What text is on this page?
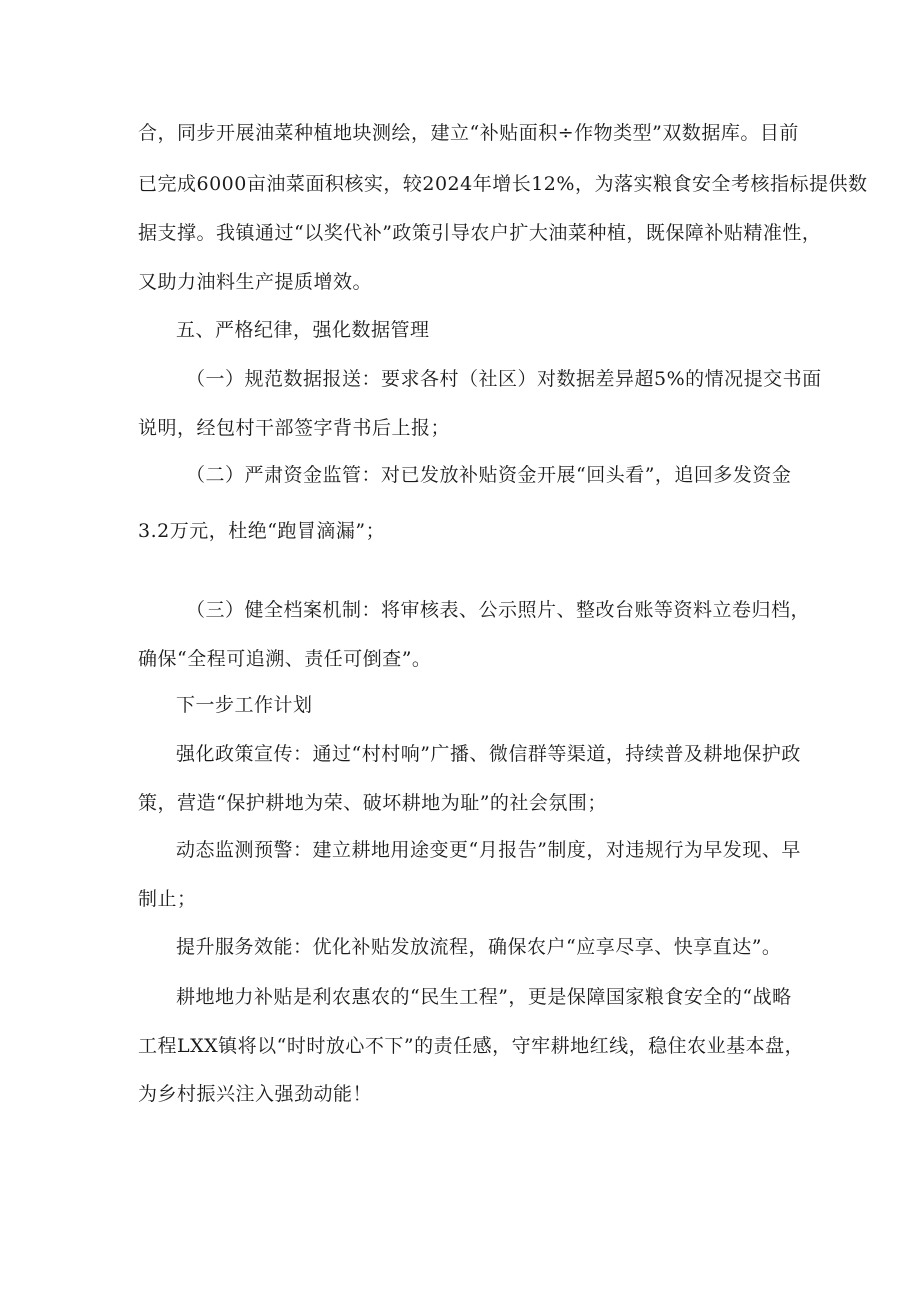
合，同步开展油菜种植地块测绘，建立“补贴面积÷作物类型”双数据库。目前
已完成6000亩油菜面积核实，较2024年增长12%，为落实粮食安全考核指标提供数
据支撑。我镇通过“以奖代补”政策引导农户扩大油菜种植，既保障补贴精准性，
又助力油料生产提质增效。
五、严格纪律，强化数据管理
（一）规范数据报送：要求各村（社区）对数据差异超5%的情况提交书面
说明，经包村干部签字背书后上报；
（二）严肃资金监管：对已发放补贴资金开展“回头看”，追回多发资金
3.2万元，杜绝“跑冒滴漏”；
（三）健全档案机制：将审核表、公示照片、整改台账等资料立卷归档，
确保“全程可追溯、责任可倒查”。
下一步工作计划
强化政策宣传：通过“村村响”广播、微信群等渠道，持续普及耕地保护政
策，营造“保护耕地为荣、破坏耕地为耻”的社会氛围；
动态监测预警：建立耕地用途变更“月报告”制度，对违规行为早发现、早
制止；
提升服务效能：优化补贴发放流程，确保农户“应享尽享、快享直达”。
耕地地力补贴是利农惠农的“民生工程”，更是保障国家粮食安全的“战略
工程LXX镇将以“时时放心不下”的责任感，守牢耕地红线，稳住农业基本盘，
为乡村振兴注入强劲动能！
